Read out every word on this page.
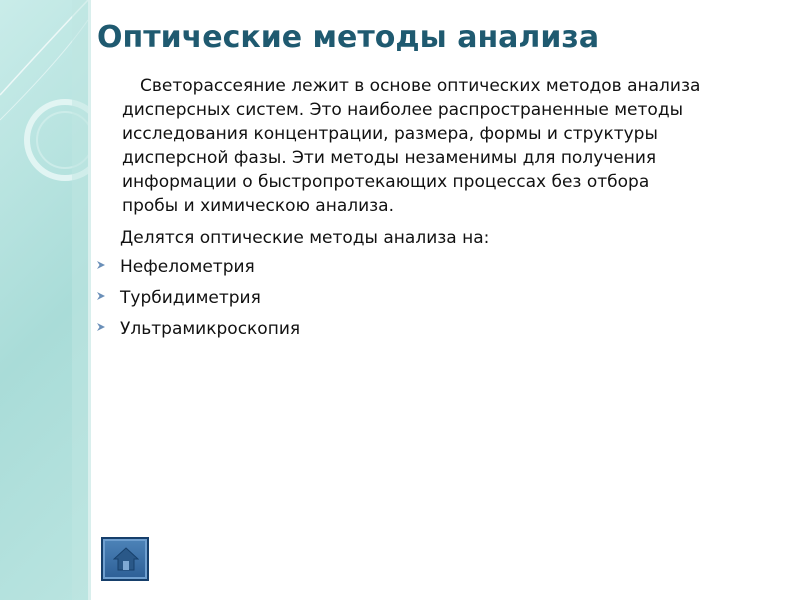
Оптические методы анализа

Светорассеяние лежит в основе оптических методов анализа
дисперсных систем. Это наиболее распространенные методы
исследования концентрации, размера, формы и структуры
дисперсной фазы. Эти методы незаменимы для получения
информации о быстропротекающих процессах без отбора
пробы и химическою анализа.

Делятся оптические методы анализа на:

Нефелометрия
Турбидиметрия
Ультрамикроскопия
